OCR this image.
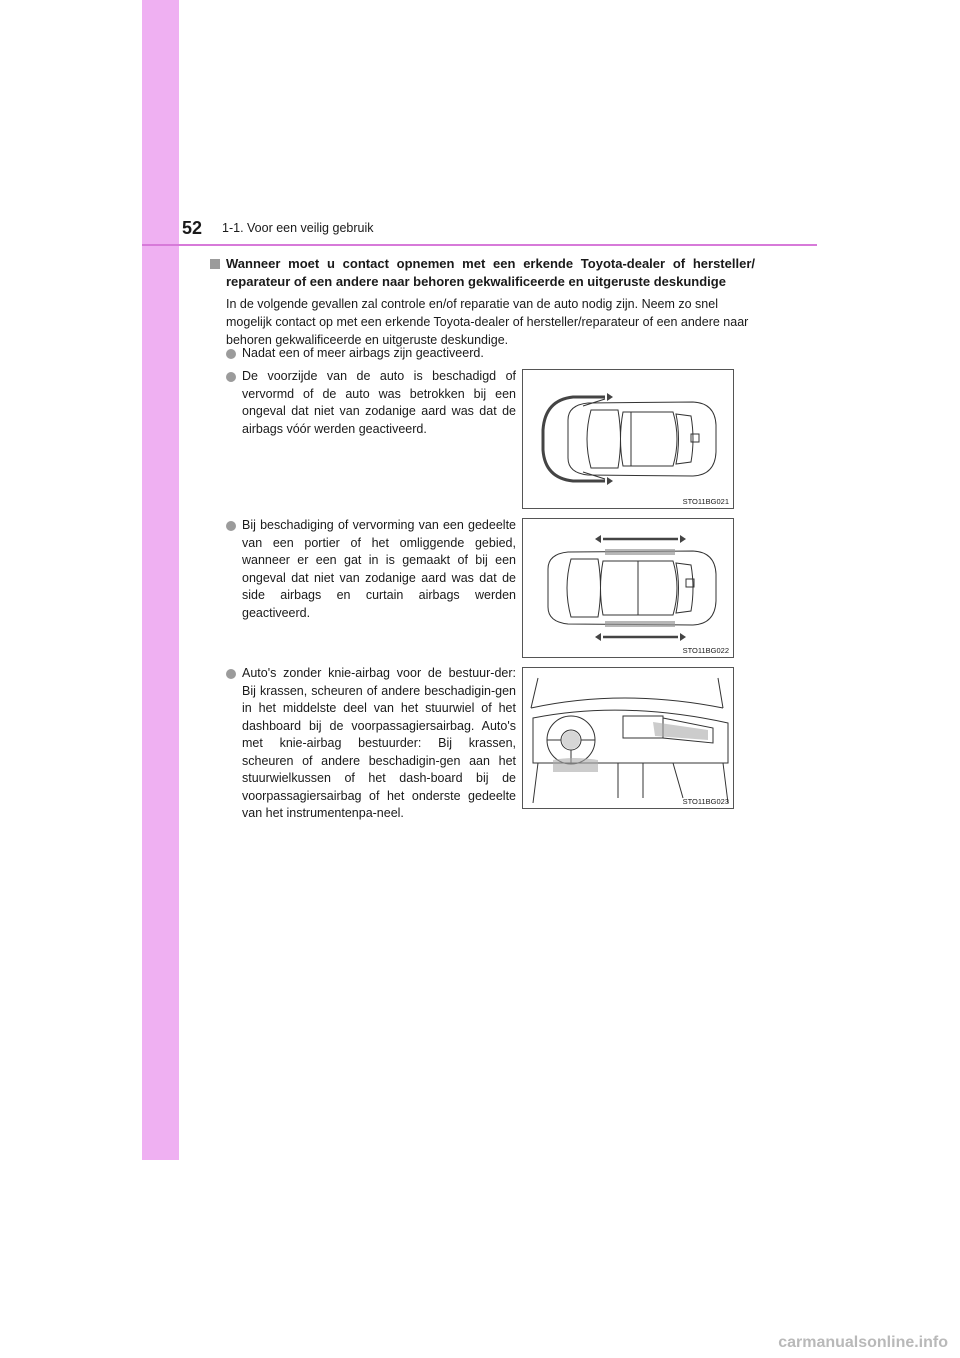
52 1-1. Voor een veilig gebruik
Wanneer moet u contact opnemen met een erkende Toyota-dealer of hersteller/ reparateur of een andere naar behoren gekwalificeerde en uitgeruste deskundige
In de volgende gevallen zal controle en/of reparatie van de auto nodig zijn. Neem zo snel mogelijk contact op met een erkende Toyota-dealer of hersteller/reparateur of een andere naar behoren gekwalificeerde en uitgeruste deskundige.
Nadat een of meer airbags zijn geactiveerd.
De voorzijde van de auto is beschadigd of vervormd of de auto was betrokken bij een ongeval dat niet van zodanige aard was dat de airbags vóór werden geactiveerd.
Bij beschadiging of vervorming van een gedeelte van een portier of het omliggende gebied, wanneer er een gat in is gemaakt of bij een ongeval dat niet van zodanige aard was dat de side airbags en curtain airbags werden geactiveerd.
Auto's zonder knie-airbag voor de bestuur-der: Bij krassen, scheuren of andere beschadigin-gen in het middelste deel van het stuurwiel of het dashboard bij de voorpassagiersairbag. Auto's met knie-airbag bestuurder: Bij krassen, scheuren of andere beschadigin-gen aan het stuurwielkussen of het dash-board bij de voorpassagiersairbag of het onderste gedeelte van het instrumentenpa-neel.
STO11BG021
STO11BG022
STO11BG023
carmanualsonline.info
